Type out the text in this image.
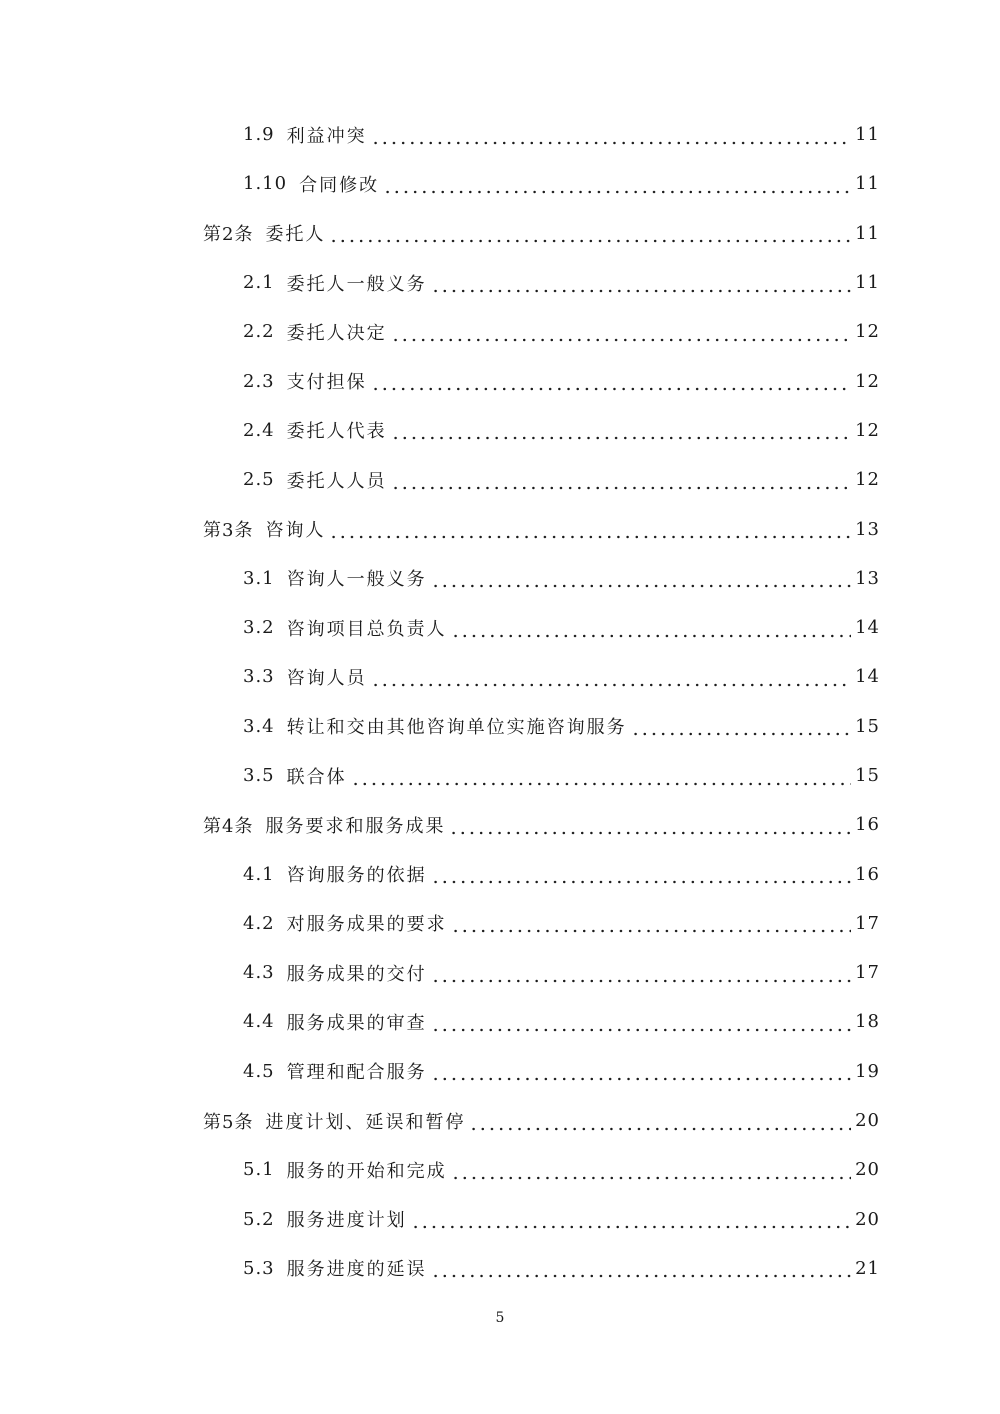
1.9 利益冲突	11
1.10 合同修改	11
第2条 委托人	11
2.1 委托人一般义务	11
2.2 委托人决定	12
2.3 支付担保	12
2.4 委托人代表	12
2.5 委托人人员	12
第3条 咨询人	13
3.1 咨询人一般义务	13
3.2 咨询项目总负责人	14
3.3 咨询人员	14
3.4 转让和交由其他咨询单位实施咨询服务	15
3.5 联合体	15
第4条 服务要求和服务成果	16
4.1 咨询服务的依据	16
4.2 对服务成果的要求	17
4.3 服务成果的交付	17
4.4 服务成果的审查	18
4.5 管理和配合服务	19
第5条 进度计划、延误和暂停	20
5.1 服务的开始和完成	20
5.2 服务进度计划	20
5.3 服务进度的延误	21
5
